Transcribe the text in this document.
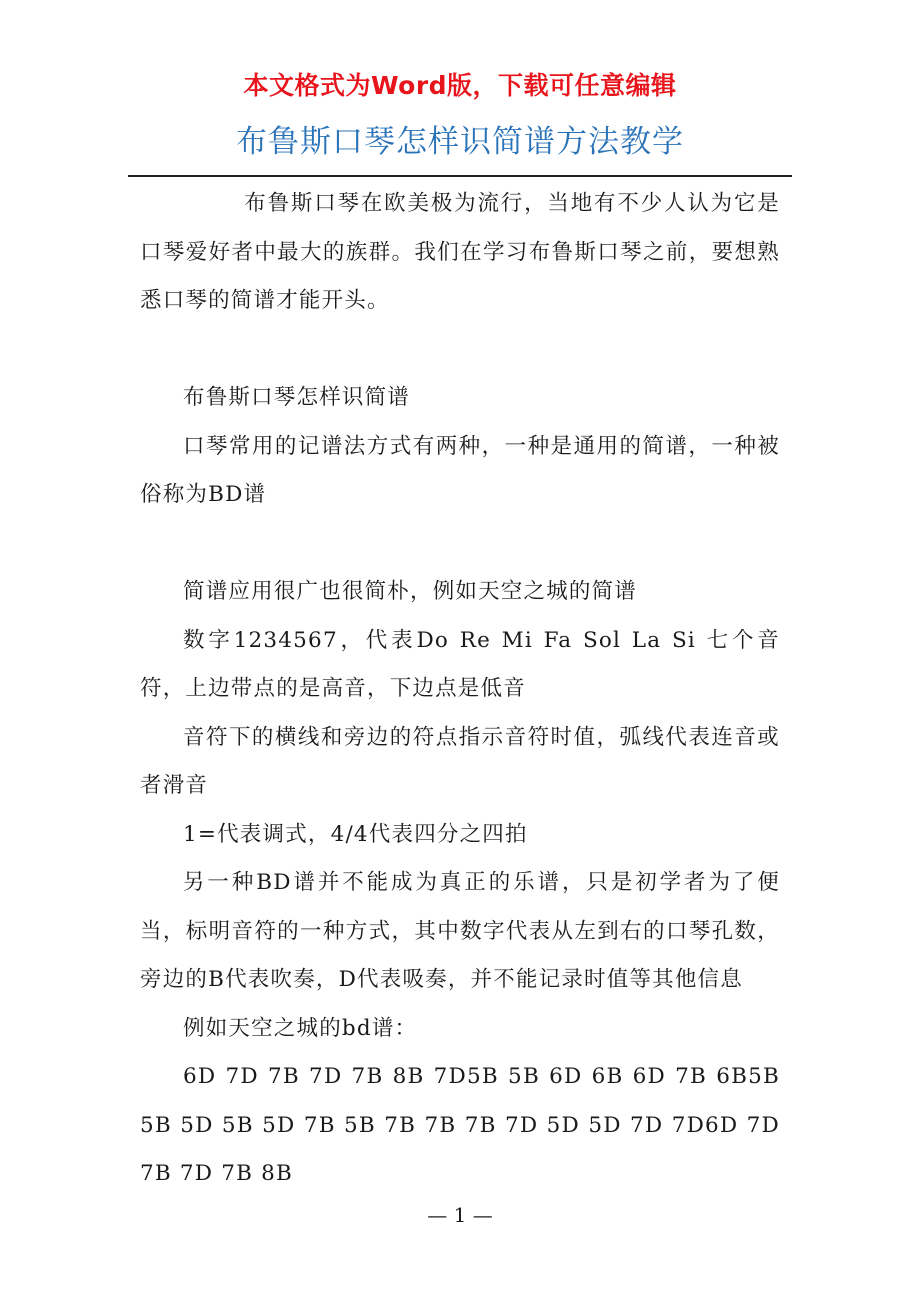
本文格式为Word版，下载可任意编辑
布鲁斯口琴怎样识简谱方法教学

布鲁斯口琴在欧美极为流行，当地有不少人认为它是口琴爱好者中最大的族群。我们在学习布鲁斯口琴之前，要想熟悉口琴的简谱才能开头。

布鲁斯口琴怎样识简谱

口琴常用的记谱法方式有两种，一种是通用的简谱，一种被俗称为BD谱

简谱应用很广也很简朴，例如天空之城的简谱

数字1234567，代表Do Re Mi Fa Sol La Si 七个音符，上边带点的是高音，下边点是低音

音符下的横线和旁边的符点指示音符时值，弧线代表连音或者滑音

1=代表调式，4/4代表四分之四拍

另一种BD谱并不能成为真正的乐谱，只是初学者为了便当，标明音符的一种方式，其中数字代表从左到右的口琴孔数，旁边的B代表吹奏，D代表吸奏，并不能记录时值等其他信息

例如天空之城的bd谱：

6D 7D 7B 7D 7B 8B 7D5B 5B 6D 6B 6D 7B 6B5B 5B 5D 5B 5D 7B 5B 7B 7B 7B 7D 5D 5D 7D 7D6D 7D 7B 7D 7B 8B

— 1 —
